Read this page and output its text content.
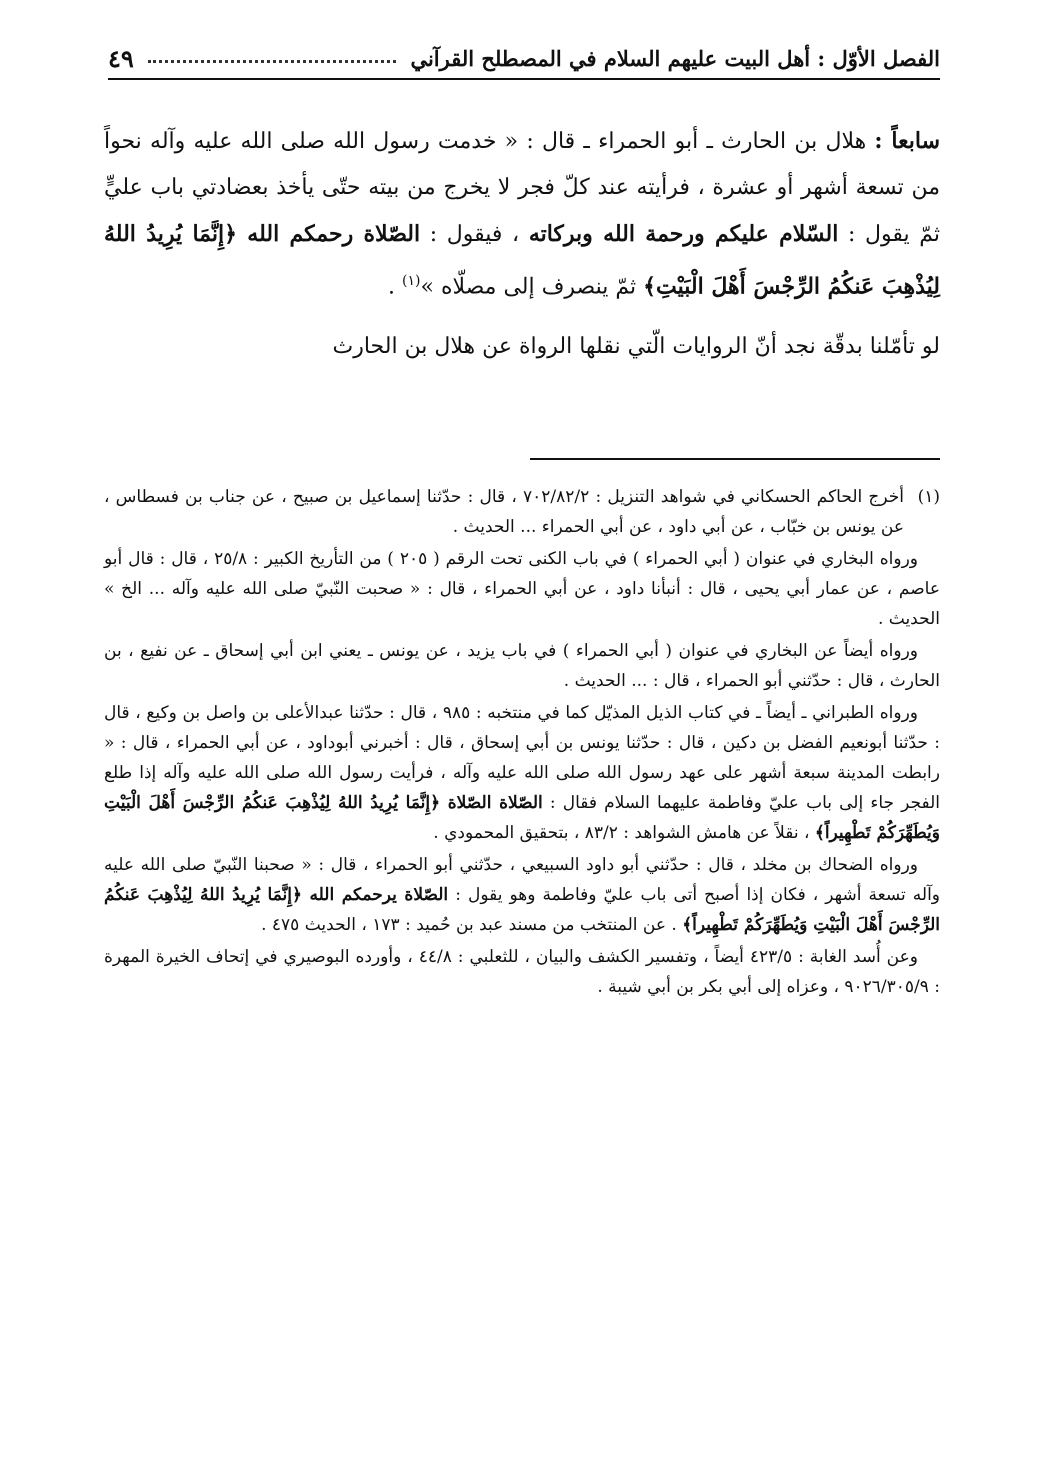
الفصل الأوّل : أهل البيت عليهم السلام في المصطلح القرآني
٤٩

سابعاً : هلال بن الحارث ـ أبو الحمراء ـ قال : « خدمت رسول الله صلى الله عليه وآله نحواً من تسعة أشهر أو عشرة ، فرأيته عند كلّ فجر لا يخرج من بيته حتّى يأخذ بعضادتي باب عليٍّ ثمّ يقول : السّلام عليكم ورحمة الله وبركاته ، فيقول : الصّلاة رحمكم الله ﴿إِنَّمَا يُرِيدُ اللهُ لِيُذْهِبَ عَنكُمُ الرِّجْسَ أَهْلَ الْبَيْتِ﴾ ثمّ ينصرف إلى مصلّاه »$^{(١)}$ .

لو تأمّلنا بدقّة نجد أنّ الروايات الّتي نقلها الرواة عن هلال بن الحارث

(١)أخرج الحاكم الحسكاني في شواهد التنزيل : ٧٠٢/٨٢/٢ ، قال : حدّثنا إسماعيل بن صبيح ، عن جناب بن فسطاس ، عن يونس بن خبّاب ، عن أبي داود ، عن أبي الحمراء ... الحديث .

ورواه البخاري في عنوان ( أبي الحمراء ) في باب الكنى تحت الرقم ( ٢٠٥ ) من التأريخ الكبير : ٢٥/٨ ، قال : قال أبو عاصم ، عن عمار أبي يحيى ، قال : أنبأنا داود ، عن أبي الحمراء ، قال : « صحبت النّبيّ صلى الله عليه وآله ... الخ » الحديث .

ورواه أيضاً عن البخاري في عنوان ( أبي الحمراء ) في باب يزيد ، عن يونس ـ يعني ابن أبي إسحاق ـ عن نفيع ، بن الحارث ، قال : حدّثني أبو الحمراء ، قال : ... الحديث .

ورواه الطبراني ـ أيضاً ـ في كتاب الذيل المذيّل كما في منتخبه : ٩٨٥ ، قال : حدّثنا عبدالأعلى بن واصل بن وكيع ، قال : حدّثنا أبونعيم الفضل بن دكين ، قال : حدّثنا يونس بن أبي إسحاق ، قال : أخبرني أبوداود ، عن أبي الحمراء ، قال : « رابطت المدينة سبعة أشهر على عهد رسول الله صلى الله عليه وآله ، فرأيت رسول الله صلى الله عليه وآله إذا طلع الفجر جاء إلى باب عليّ وفاطمة عليهما السلام فقال : الصّلاة الصّلاة ﴿إِنَّمَا يُرِيدُ اللهُ لِيُذْهِبَ عَنكُمُ الرِّجْسَ أَهْلَ الْبَيْتِ وَيُطَهِّرَكُمْ تَطْهِيراً﴾ ، نقلاً عن هامش الشواهد : ٨٣/٢ ، بتحقيق المحمودي .

ورواه الضحاك بن مخلد ، قال : حدّثني أبو داود السبيعي ، حدّثني أبو الحمراء ، قال : « صحبنا النّبيّ صلى الله عليه وآله تسعة أشهر ، فكان إذا أصبح أتى باب عليّ وفاطمة وهو يقول : الصّلاة يرحمكم الله ﴿إِنَّمَا يُرِيدُ اللهُ لِيُذْهِبَ عَنكُمُ الرِّجْسَ أَهْلَ الْبَيْتِ وَيُطَهِّرَكُمْ تَطْهِيراً﴾ . عن المنتخب من مسند عبد بن حُميد : ١٧٣ ، الحديث ٤٧٥ .

وعن أُسد الغابة : ٤٢٣/٥ أيضاً ، وتفسير الكشف والبيان ، للثعلبي : ٤٤/٨ ، وأورده البوصيري في إتحاف الخيرة المهرة : ٩٠٢٦/٣٠٥/٩ ، وعزاه إلى أبي بكر بن أبي شيبة .
